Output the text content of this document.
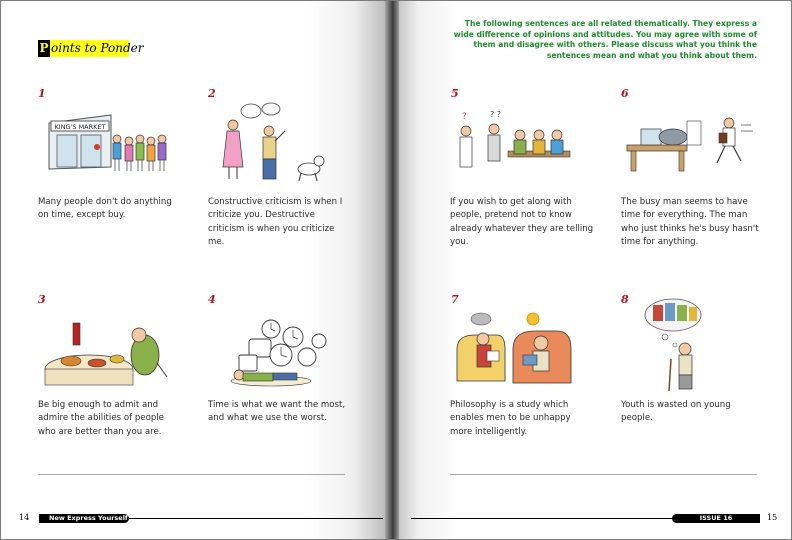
P oints to Ponder
The following sentences are all related thematically. They express a wide difference of opinions and attitudes. You may agree with some of them and disagree with others. Please discuss what you think the sentences mean and what you think about them.
1
KING'S MARKET
Many people don't do anything on time, except buy.
2
Constructive criticism is when I criticize you. Destructive criticism is when you criticize me.
3
Be big enough to admit and admire the abilities of people who are better than you are.
4
Time is what we want the most, and what we use the worst.
5
?	? ?
If you wish to get along with people, pretend not to know already whatever they are telling you.
6
The busy man seems to have time for everything. The man who just thinks he's busy hasn't time for anything.
7
Philosophy is a study which enables men to be unhappy more intelligently.
8
Youth is wasted on young people.
14	New Express Yourself 2
ISSUE 16	15
